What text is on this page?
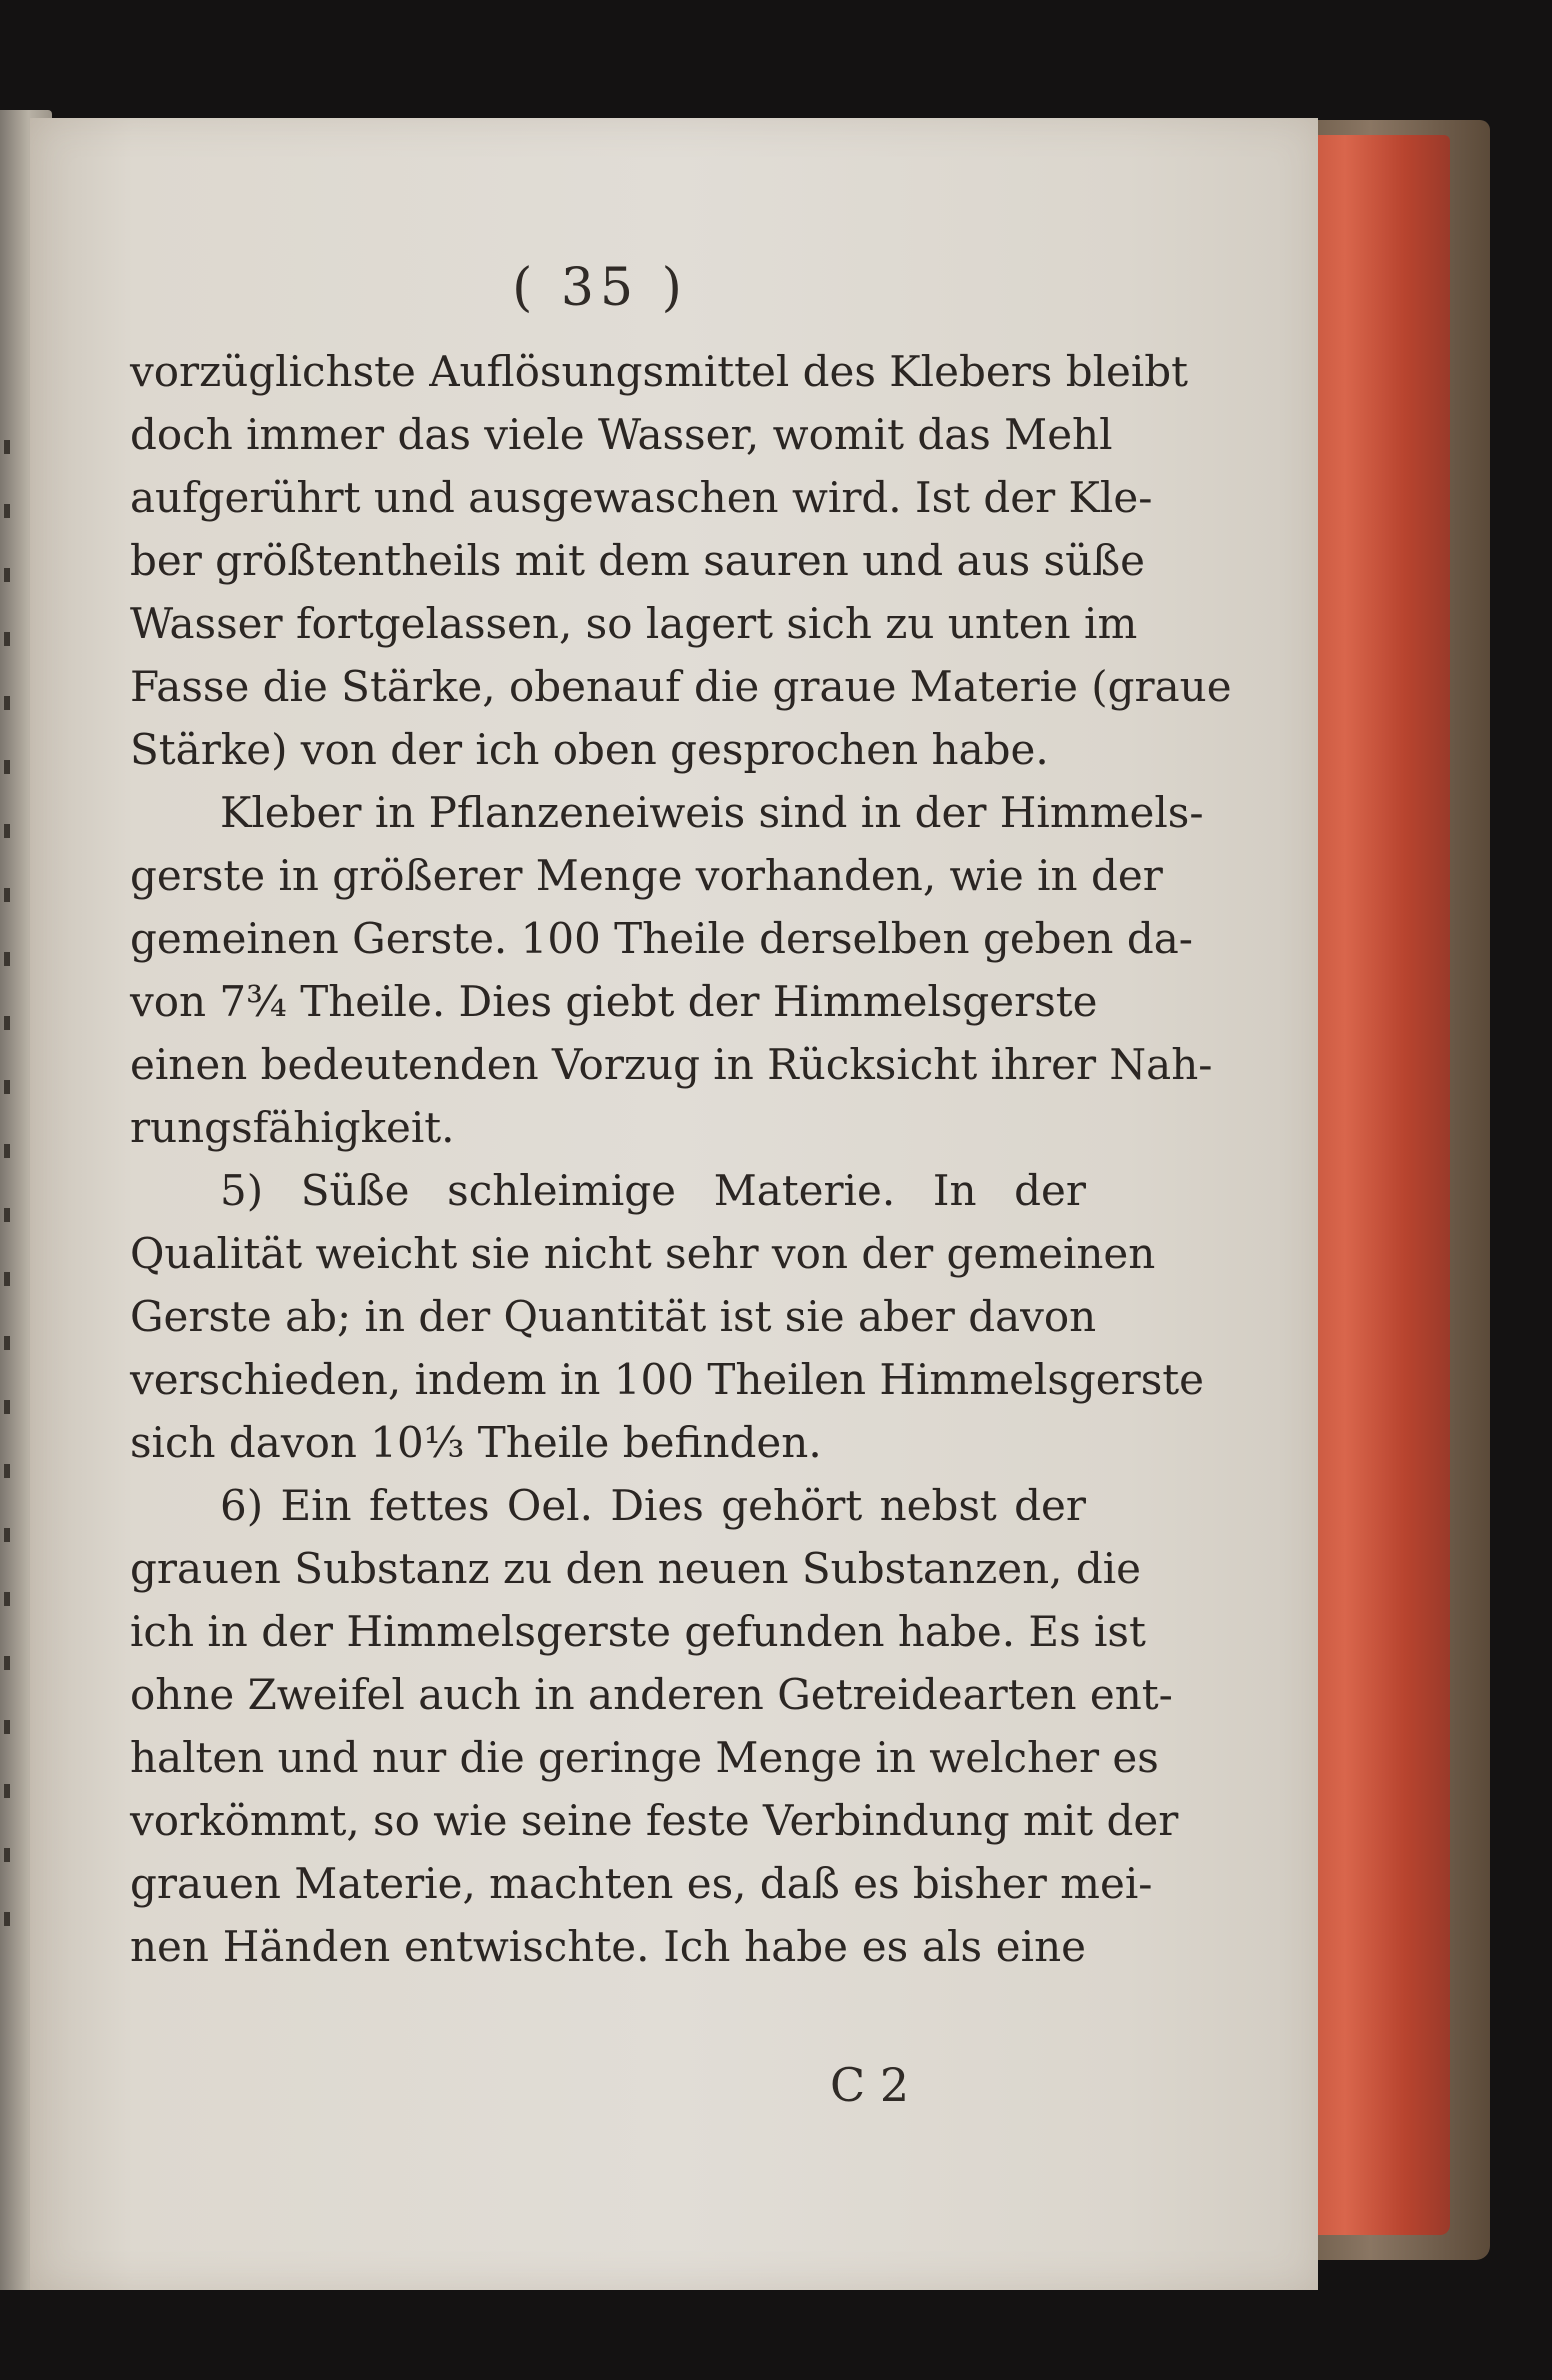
( 35 )
vorzüglichste Auflösungsmittel des Klebers bleibt
doch immer das viele Wasser, womit das Mehl
aufgerührt und ausgewaschen wird. Ist der Kle-
ber größtentheils mit dem sauren und aus süße
Wasser fortgelassen, so lagert sich zu unten im
Fasse die Stärke, obenauf die graue Materie (graue
Stärke) von der ich oben gesprochen habe.
Kleber in Pflanzeneiweis sind in der Himmels-
gerste in größerer Menge vorhanden, wie in der
gemeinen Gerste. 100 Theile derselben geben da-
von 7¾ Theile. Dies giebt der Himmelsgerste
einen bedeutenden Vorzug in Rücksicht ihrer Nah-
rungsfähigkeit.
5) Süße schleimige Materie. In der
Qualität weicht sie nicht sehr von der gemeinen
Gerste ab; in der Quantität ist sie aber davon
verschieden, indem in 100 Theilen Himmelsgerste
sich davon 10⅓ Theile befinden.
6) Ein fettes Oel. Dies gehört nebst der
grauen Substanz zu den neuen Substanzen, die
ich in der Himmelsgerste gefunden habe. Es ist
ohne Zweifel auch in anderen Getreidearten ent-
halten und nur die geringe Menge in welcher es
vorkömmt, so wie seine feste Verbindung mit der
grauen Materie, machten es, daß es bisher mei-
nen Händen entwischte. Ich habe es als eine
C 2
